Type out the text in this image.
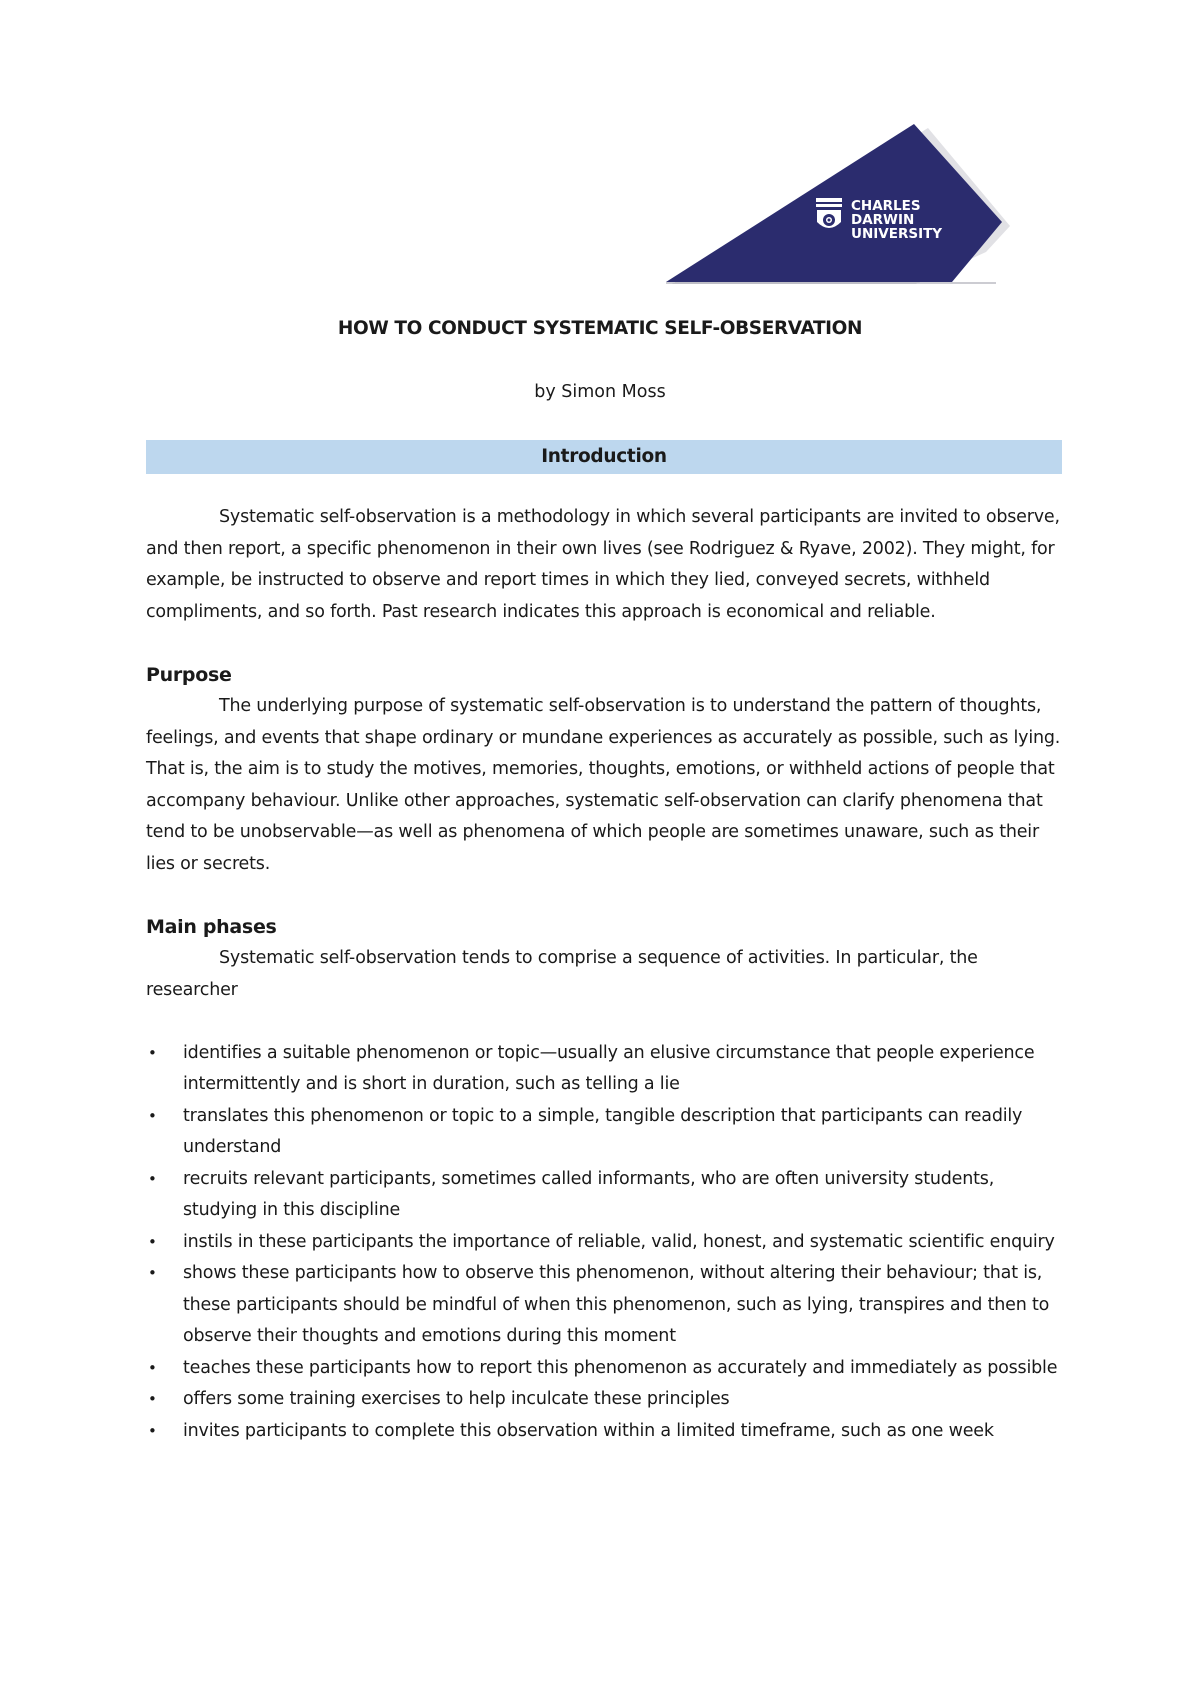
CHARLES
DARWIN
UNIVERSITY
HOW TO CONDUCT SYSTEMATIC SELF-OBSERVATION

by Simon Moss

Introduction

Systematic self-observation is a methodology in which several participants are invited to observe, and then report, a specific phenomenon in their own lives (see Rodriguez & Ryave, 2002). They might, for example, be instructed to observe and report times in which they lied, conveyed secrets, withheld compliments, and so forth. Past research indicates this approach is economical and reliable.

Purpose

The underlying purpose of systematic self-observation is to understand the pattern of thoughts, feelings, and events that shape ordinary or mundane experiences as accurately as possible, such as lying. That is, the aim is to study the motives, memories, thoughts, emotions, or withheld actions of people that accompany behaviour. Unlike other approaches, systematic self-observation can clarify phenomena that tend to be unobservable—as well as phenomena of which people are sometimes unaware, such as their lies or secrets.

Main phases

Systematic self-observation tends to comprise a sequence of activities. In particular, the researcher

• identifies a suitable phenomenon or topic—usually an elusive circumstance that people experience intermittently and is short in duration, such as telling a lie
• translates this phenomenon or topic to a simple, tangible description that participants can readily understand
• recruits relevant participants, sometimes called informants, who are often university students, studying in this discipline
• instils in these participants the importance of reliable, valid, honest, and systematic scientific enquiry
• shows these participants how to observe this phenomenon, without altering their behaviour; that is, these participants should be mindful of when this phenomenon, such as lying, transpires and then to observe their thoughts and emotions during this moment
• teaches these participants how to report this phenomenon as accurately and immediately as possible
• offers some training exercises to help inculcate these principles
• invites participants to complete this observation within a limited timeframe, such as one week
